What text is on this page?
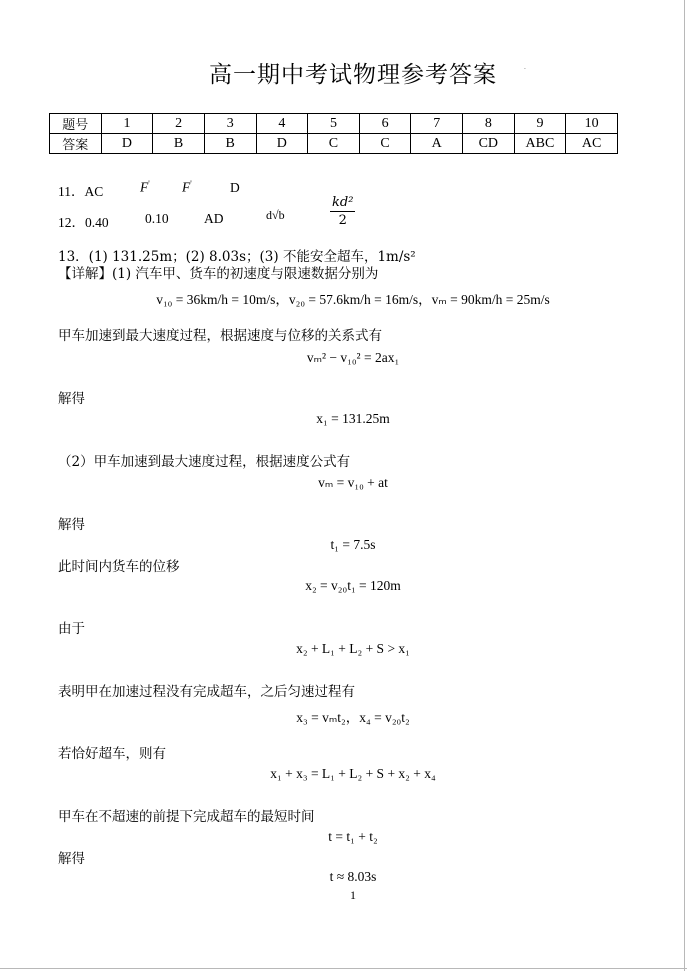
高一期中考试物理参考答案	·
题号	1	2	3	4	5	6	7	8	9	10
答案	D	B	B	D	C	C	A	CD	ABC	AC
11．AC	F' F'	D
12．0.40	0.10	AD	d√b
kd²
2
13．(1) 131.25m；(2) 8.03s；(3) 不能安全超车，1m/s²
【详解】(1) 汽车甲、货车的初速度与限速数据分别为
v₁₀ = 36km/h = 10m/s，v₂₀ = 57.6km/h = 16m/s，vₘ = 90km/h = 25m/s
甲车加速到最大速度过程，根据速度与位移的关系式有
vₘ² − v₁₀² = 2ax₁
解得
x₁ = 131.25m
（2）甲车加速到最大速度过程，根据速度公式有
vₘ = v₁₀ + at
解得
t₁ = 7.5s
此时间内货车的位移
x₂ = v₂₀t₁ = 120m
由于
x₂ + L₁ + L₂ + S > x₁
表明甲在加速过程没有完成超车，之后匀速过程有
x₃ = vₘt₂，x₄ = v₂₀t₂
若恰好超车，则有
x₁ + x₃ = L₁ + L₂ + S + x₂ + x₄
甲车在不超速的前提下完成超车的最短时间
t = t₁ + t₂
解得
t ≈ 8.03s
1
